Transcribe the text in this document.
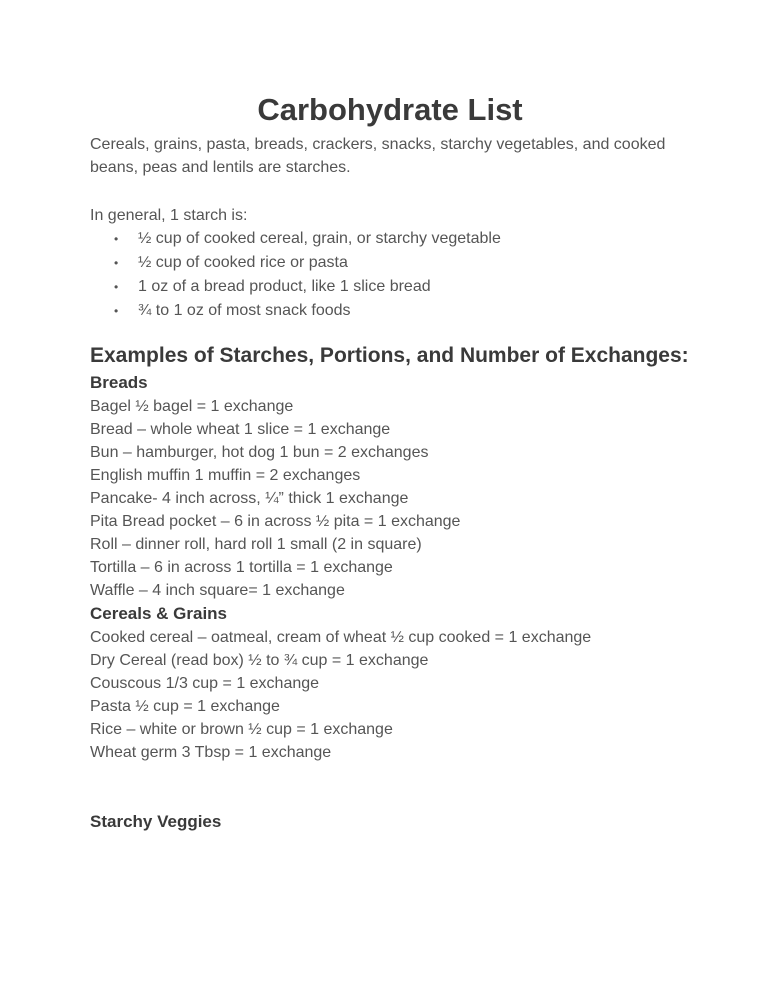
Carbohydrate List

Cereals, grains, pasta, breads, crackers, snacks, starchy vegetables, and cooked beans, peas and lentils are starches.

In general, 1 starch is:

• ½ cup of cooked cereal, grain, or starchy vegetable
• ½ cup of cooked rice or pasta
• 1 oz of a bread product, like 1 slice bread
• ¾ to 1 oz of most snack foods
Examples of Starches, Portions, and Number of Exchanges:
Breads

Bagel ½ bagel = 1 exchange

Bread – whole wheat 1 slice = 1 exchange

Bun – hamburger, hot dog 1 bun = 2 exchanges

English muffin 1 muffin = 2 exchanges

Pancake- 4 inch across, ¼” thick 1 exchange

Pita Bread pocket – 6 in across ½ pita = 1 exchange

Roll – dinner roll, hard roll 1 small (2 in square)

Tortilla – 6 in across 1 tortilla = 1 exchange

Waffle – 4 inch square= 1 exchange

Cereals & Grains

Cooked cereal – oatmeal, cream of wheat ½ cup cooked = 1 exchange

Dry Cereal (read box) ½ to ¾ cup = 1 exchange

Couscous 1/3 cup = 1 exchange

Pasta ½ cup = 1 exchange

Rice – white or brown ½ cup = 1 exchange

Wheat germ 3 Tbsp = 1 exchange

Starchy Veggies
